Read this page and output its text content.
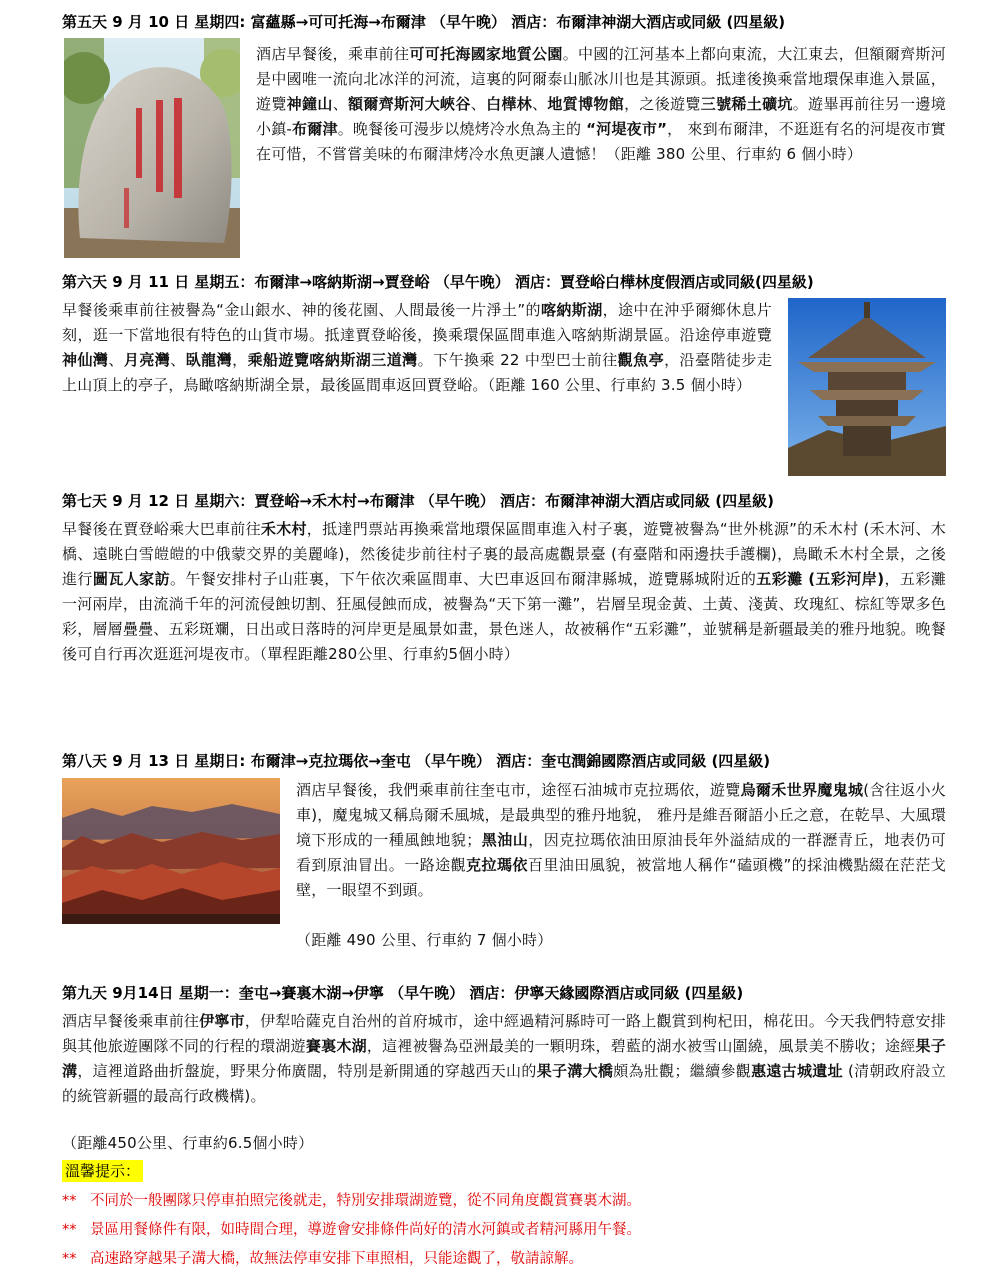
第五天 9 月 10 日 星期四: 富蘊縣→可可托海→布爾津 （早午晚） 酒店：布爾津神湖大酒店或同級 (四星級)
酒店早餐後，乘車前往可可托海國家地質公園。中國的江河基本上都向東流，大江東去，但額爾齊斯河是中國唯一流向北冰洋的河流，這裏的阿爾泰山脈冰川也是其源頭。抵達後換乘當地環保車進入景區，遊覽神鐘山、額爾齊斯河大峽谷、白樺林、地質博物館，之後遊覽三號稀土礦坑。遊畢再前往另一邊境小鎮-布爾津。晚餐後可漫步以燒烤冷水魚為主的 “河堤夜市”， 來到布爾津，不逛逛有名的河堤夜市實在可惜，不嘗嘗美味的布爾津烤冷水魚更讓人遺憾！（距離 380 公里、行車約 6 個小時）
第六天 9 月 11 日 星期五：布爾津→喀納斯湖→賈登峪 （早午晚） 酒店：賈登峪白樺林度假酒店或同級(四星級)
早餐後乘車前往被譽為“金山銀水、神的後花園、人間最後一片淨土”的喀納斯湖，途中在沖乎爾鄉休息片刻，逛一下當地很有特色的山貨市場。抵達賈登峪後，換乘環保區間車進入喀納斯湖景區。沿途停車遊覽神仙灣、月亮灣、臥龍灣，乘船遊覽喀納斯湖三道灣。下午換乘 22 中型巴士前往觀魚亭，沿臺階徒步走上山頂上的亭子，鳥瞰喀納斯湖全景，最後區間車返回賈登峪。（距離 160 公里、行車約 3.5 個小時）
第七天 9 月 12 日 星期六：賈登峪→禾木村→布爾津 （早午晚） 酒店：布爾津神湖大酒店或同級 (四星級)
早餐後在賈登峪乘大巴車前往禾木村，抵達門票站再換乘當地環保區間車進入村子裏，遊覽被譽為“世外桃源”的禾木村 (禾木河、木橋、遠眺白雪皚皚的中俄蒙交界的美麗峰)，然後徒步前往村子裏的最高處觀景臺 (有臺階和兩邊扶手護欄)，鳥瞰禾木村全景，之後進行圖瓦人家訪。午餐安排村子山莊裏，下午依次乘區間車、大巴車返回布爾津縣城，遊覽縣城附近的五彩灘 (五彩河岸)，五彩灘一河兩岸，由流淌千年的河流侵蝕切割、狂風侵蝕而成，被譽為“天下第一灘”，岩層呈現金黃、土黃、淺黃、玫瑰紅、棕紅等眾多色彩，層層疊疊、五彩斑斕，日出或日落時的河岸更是風景如畫，景色迷人，故被稱作“五彩灘”，並號稱是新疆最美的雅丹地貌。晚餐後可自行再次逛逛河堤夜市。（單程距離280公里、行車約5個小時）
第八天 9 月 13 日 星期日: 布爾津→克拉瑪依→奎屯 （早午晚） 酒店：奎屯潤錦國際酒店或同級 (四星級)
酒店早餐後，我們乘車前往奎屯市，途徑石油城市克拉瑪依，遊覽烏爾禾世界魔鬼城(含往返小火車)，魔鬼城又稱烏爾禾風城，是最典型的雅丹地貌， 雅丹是維吾爾語小丘之意，在乾旱、大風環境下形成的一種風蝕地貌；黑油山，因克拉瑪依油田原油長年外溢結成的一群瀝青丘，地表仍可看到原油冒出。一路途觀克拉瑪依百里油田風貌，被當地人稱作“磕頭機”的採油機點綴在茫茫戈壁，一眼望不到頭。
（距離 490 公里、行車約 7 個小時）
第九天 9月14日 星期一：奎屯→賽裏木湖→伊寧 （早午晚） 酒店：伊寧天緣國際酒店或同級 (四星級)
酒店早餐後乘車前往伊寧市，伊犁哈薩克自治州的首府城市，途中經過精河縣時可一路上觀賞到枸杞田，棉花田。今天我們特意安排與其他旅遊團隊不同的行程的環湖遊賽裏木湖，這裡被譽為亞洲最美的一顆明珠，碧藍的湖水被雪山圍繞，風景美不勝收；途經果子溝，這裡道路曲折盤旋，野果分佈廣闊，特別是新開通的穿越西天山的果子溝大橋頗為壯觀；繼續參觀惠遠古城遺址 (清朝政府設立的統管新疆的最高行政機構)。
（距離450公里、行車約6.5個小時）
溫馨提示：
** 不同於一般團隊只停車拍照完後就走，特別安排環湖遊覽，從不同角度觀賞賽裏木湖。
** 景區用餐條件有限，如時間合理，導遊會安排條件尚好的清水河鎮或者精河縣用午餐。
** 高速路穿越果子溝大橋，故無法停車安排下車照相，只能途觀了，敬請諒解。
